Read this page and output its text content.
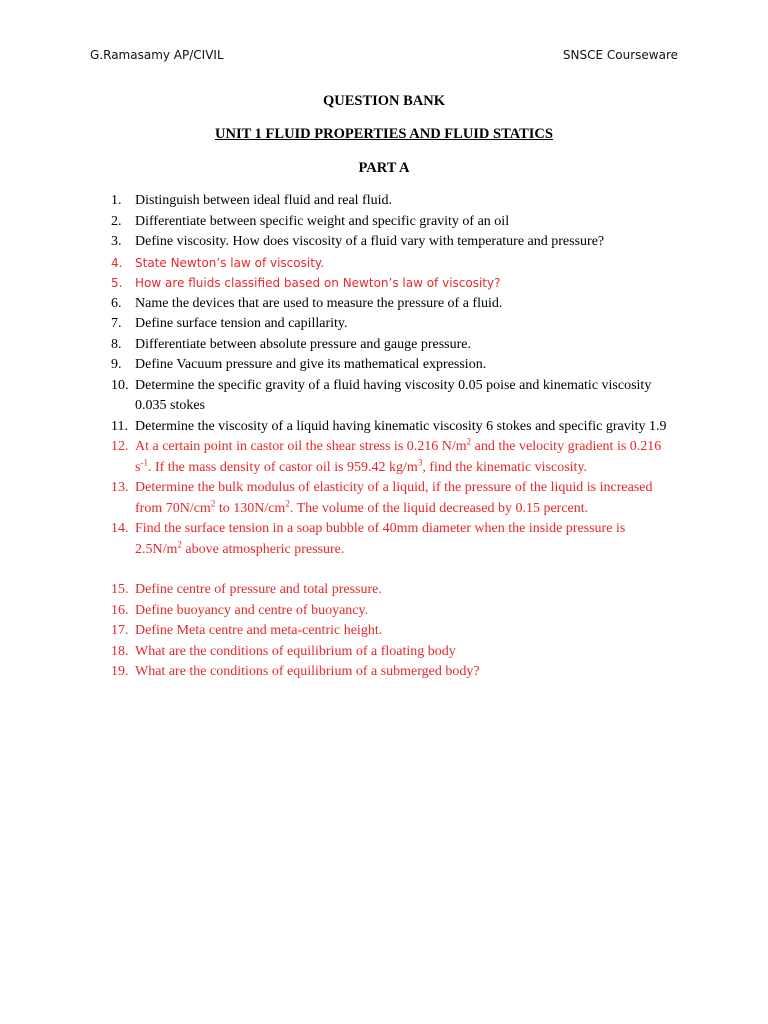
G.Ramasamy AP/CIVIL	SNSCE Courseware
QUESTION BANK
UNIT 1 FLUID PROPERTIES AND FLUID STATICS
PART A
1. Distinguish between ideal fluid and real fluid.
2. Differentiate between specific weight and specific gravity of an oil
3. Define viscosity. How does viscosity of a fluid vary with temperature and pressure?
4. State Newton’s law of viscosity.
5. How are fluids classified based on Newton’s law of viscosity?
6. Name the devices that are used to measure the pressure of a fluid.
7. Define surface tension and capillarity.
8. Differentiate between absolute pressure and gauge pressure.
9. Define Vacuum pressure and give its mathematical expression.
10. Determine the specific gravity of a fluid having viscosity 0.05 poise and kinematic viscosity 0.035 stokes
11. Determine the viscosity of a liquid having kinematic viscosity 6 stokes and specific gravity 1.9
12. At a certain point in castor oil the shear stress is 0.216 $N/m^2$ and the velocity gradient is 0.216 $s^{-1}$. If the mass density of castor oil is 959.42 $kg/m^3$, find the kinematic viscosity.
13. Determine the bulk modulus of elasticity of a liquid, if the pressure of the liquid is increased from $70N/cm^2$ to $130N/cm^2$. The volume of the liquid decreased by 0.15 percent.
14. Find the surface tension in a soap bubble of 40mm diameter when the inside pressure is $2.5N/m^2$ above atmospheric pressure.
15. Define centre of pressure and total pressure.
16. Define buoyancy and centre of buoyancy.
17. Define Meta centre and meta-centric height.
18. What are the conditions of equilibrium of a floating body
19. What are the conditions of equilibrium of a submerged body?
